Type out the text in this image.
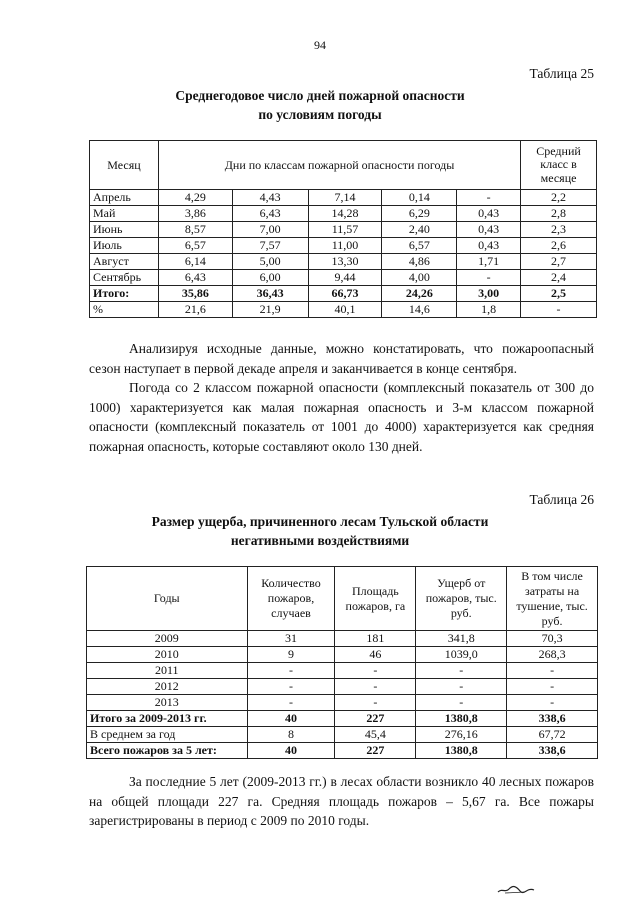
94
Таблица 25
Среднегодовое число дней пожарной опасности
по условиям погоды
Месяц	Дни по классам пожарной опасности погоды					Средний класс в месяце
Апрель	4,29	4,43	7,14	0,14	-	2,2
Май	3,86	6,43	14,28	6,29	0,43	2,8
Июнь	8,57	7,00	11,57	2,40	0,43	2,3
Июль	6,57	7,57	11,00	6,57	0,43	2,6
Август	6,14	5,00	13,30	4,86	1,71	2,7
Сентябрь	6,43	6,00	9,44	4,00	-	2,4
Итого:	35,86	36,43	66,73	24,26	3,00	2,5
%	21,6	21,9	40,1	14,6	1,8	-

Анализируя исходные данные, можно констатировать, что пожароопасный сезон наступает в первой декаде апреля и заканчивается в конце сентября.

Погода со 2 классом пожарной опасности (комплексный показатель от 300 до 1000) характеризуется как малая пожарная опасность и 3-м классом пожарной опасности (комплексный показатель от 1001 до 4000) характеризуется как средняя пожарная опасность, которые составляют около 130 дней.

Таблица 26
Размер ущерба, причиненного лесам Тульской области
негативными воздействиями
Годы	Количество пожаров, случаев	Площадь пожаров, га	Ущерб от пожаров, тыс. руб.	В том числе затраты на тушение, тыс. руб.
2009	31	181	341,8	70,3
2010	9	46	1039,0	268,3
2011	-	-	-	-
2012	-	-	-	-
2013	-	-	-	-
Итого за 2009-2013 гг.	40	227	1380,8	338,6
В среднем за год	8	45,4	276,16	67,72
Всего пожаров за 5 лет:	40	227	1380,8	338,6

За последние 5 лет (2009-2013 гг.) в лесах области возникло 40 лесных пожаров на общей площади 227 га. Средняя площадь пожаров – 5,67 га. Все пожары зарегистрированы в период с 2009 по 2010 годы.
